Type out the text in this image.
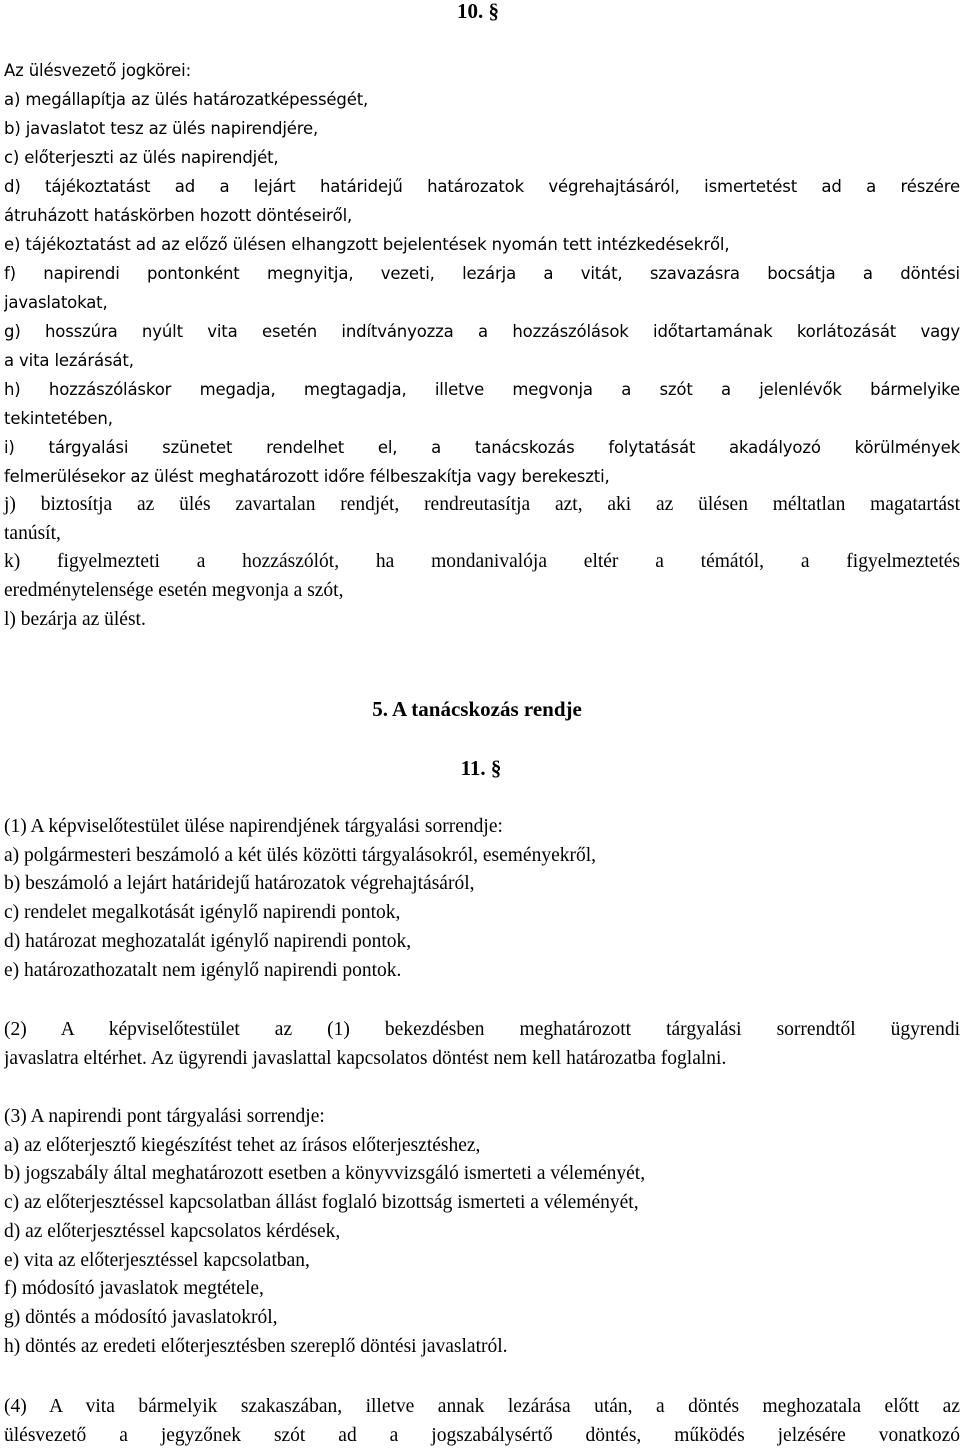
10. §
Az ülésvezető jogkörei:
a) megállapítja az ülés határozatképességét,
b) javaslatot tesz az ülés napirendjére,
c) előterjeszti az ülés napirendjét,
d) tájékoztatást ad a lejárt határidejű határozatok végrehajtásáról, ismertetést ad a részére
átruházott hatáskörben hozott döntéseiről,
e) tájékoztatást ad az előző ülésen elhangzott bejelentések nyomán tett intézkedésekről,
f) napirendi pontonként megnyitja, vezeti, lezárja a vitát, szavazásra bocsátja a döntési
javaslatokat,
g) hosszúra nyúlt vita esetén indítványozza a hozzászólások időtartamának korlátozását vagy
a vita lezárását,
h) hozzászóláskor megadja, megtagadja, illetve megvonja a szót a jelenlévők bármelyike
tekintetében,
i) tárgyalási szünetet rendelhet el, a tanácskozás folytatását akadályozó körülmények
felmerülésekor az ülést meghatározott időre félbeszakítja vagy berekeszti,
j) biztosítja az ülés zavartalan rendjét, rendreutasítja azt, aki az ülésen méltatlan magatartást
tanúsít,
k) figyelmezteti a hozzászólót, ha mondanivalója eltér a témától, a figyelmeztetés
eredménytelensége esetén megvonja a szót,
l) bezárja az ülést.
5. A tanácskozás rendje
11. §
(1) A képviselőtestület ülése napirendjének tárgyalási sorrendje:
a) polgármesteri beszámoló a két ülés közötti tárgyalásokról, eseményekről,
b) beszámoló a lejárt határidejű határozatok végrehajtásáról,
c) rendelet megalkotását igénylő napirendi pontok,
d) határozat meghozatalát igénylő napirendi pontok,
e) határozathozatalt nem igénylő napirendi pontok.
(2) A képviselőtestület az (1) bekezdésben meghatározott tárgyalási sorrendtől ügyrendi
javaslatra eltérhet. Az ügyrendi javaslattal kapcsolatos döntést nem kell határozatba foglalni.
(3) A napirendi pont tárgyalási sorrendje:
a) az előterjesztő kiegészítést tehet az írásos előterjesztéshez,
b) jogszabály által meghatározott esetben a könyvvizsgáló ismerteti a véleményét,
c) az előterjesztéssel kapcsolatban állást foglaló bizottság ismerteti a véleményét,
d) az előterjesztéssel kapcsolatos kérdések,
e) vita az előterjesztéssel kapcsolatban,
f) módosító javaslatok megtétele,
g) döntés a módosító javaslatokról,
h) döntés az eredeti előterjesztésben szereplő döntési javaslatról.
(4) A vita bármelyik szakaszában, illetve annak lezárása után, a döntés meghozatala előtt az
ülésvezető a jegyzőnek szót ad a jogszabálysértő döntés, működés jelzésére vonatkozó
